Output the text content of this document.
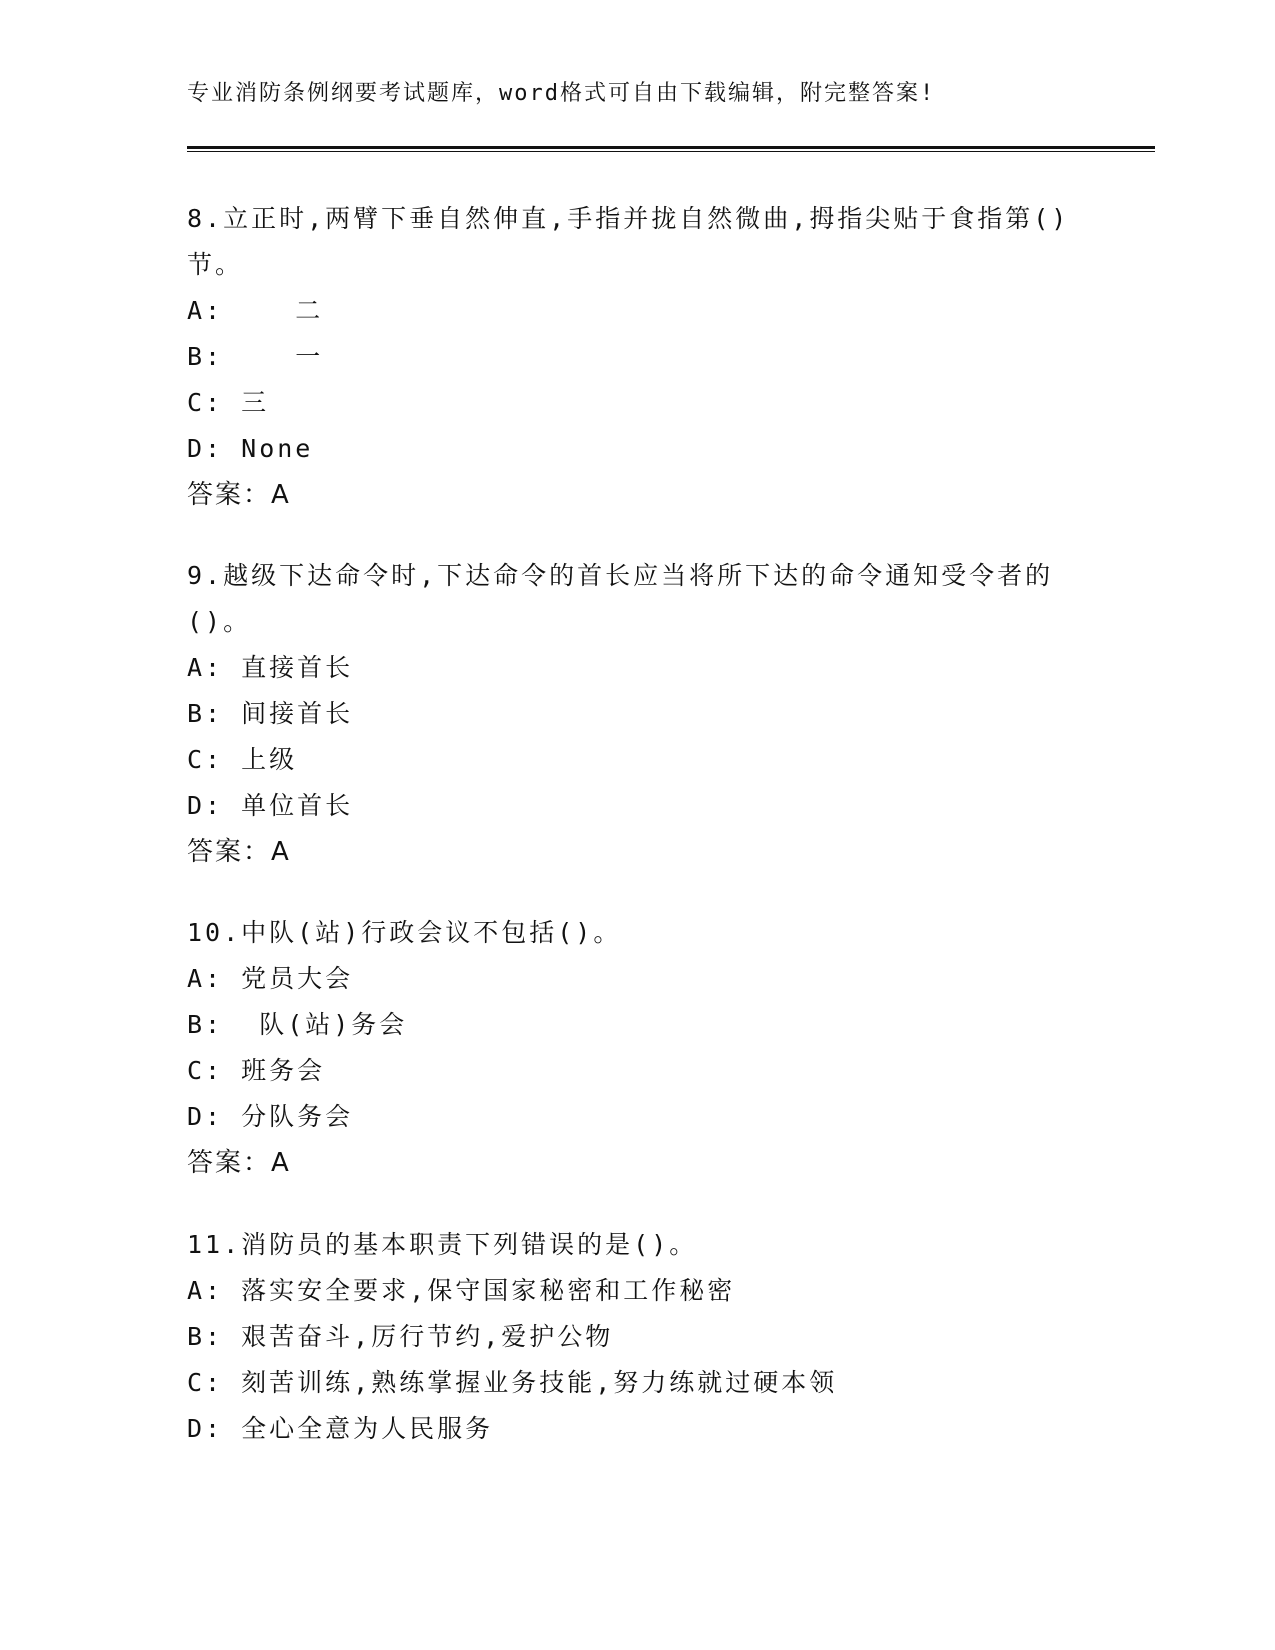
专业消防条例纲要考试题库，word格式可自由下载编辑，附完整答案!
8.立正时,两臂下垂自然伸直,手指并拢自然微曲,拇指尖贴于食指第()
节。
A:    二
B:    一
C: 三
D: None
答案：A
9.越级下达命令时,下达命令的首长应当将所下达的命令通知受令者的
()。
A: 直接首长
B: 间接首长
C: 上级
D: 单位首长
答案：A
10.中队(站)行政会议不包括()。
A: 党员大会
B:  队(站)务会
C: 班务会
D: 分队务会
答案：A
11.消防员的基本职责下列错误的是()。
A: 落实安全要求,保守国家秘密和工作秘密
B: 艰苦奋斗,厉行节约,爱护公物
C: 刻苦训练,熟练掌握业务技能,努力练就过硬本领
D: 全心全意为人民服务
